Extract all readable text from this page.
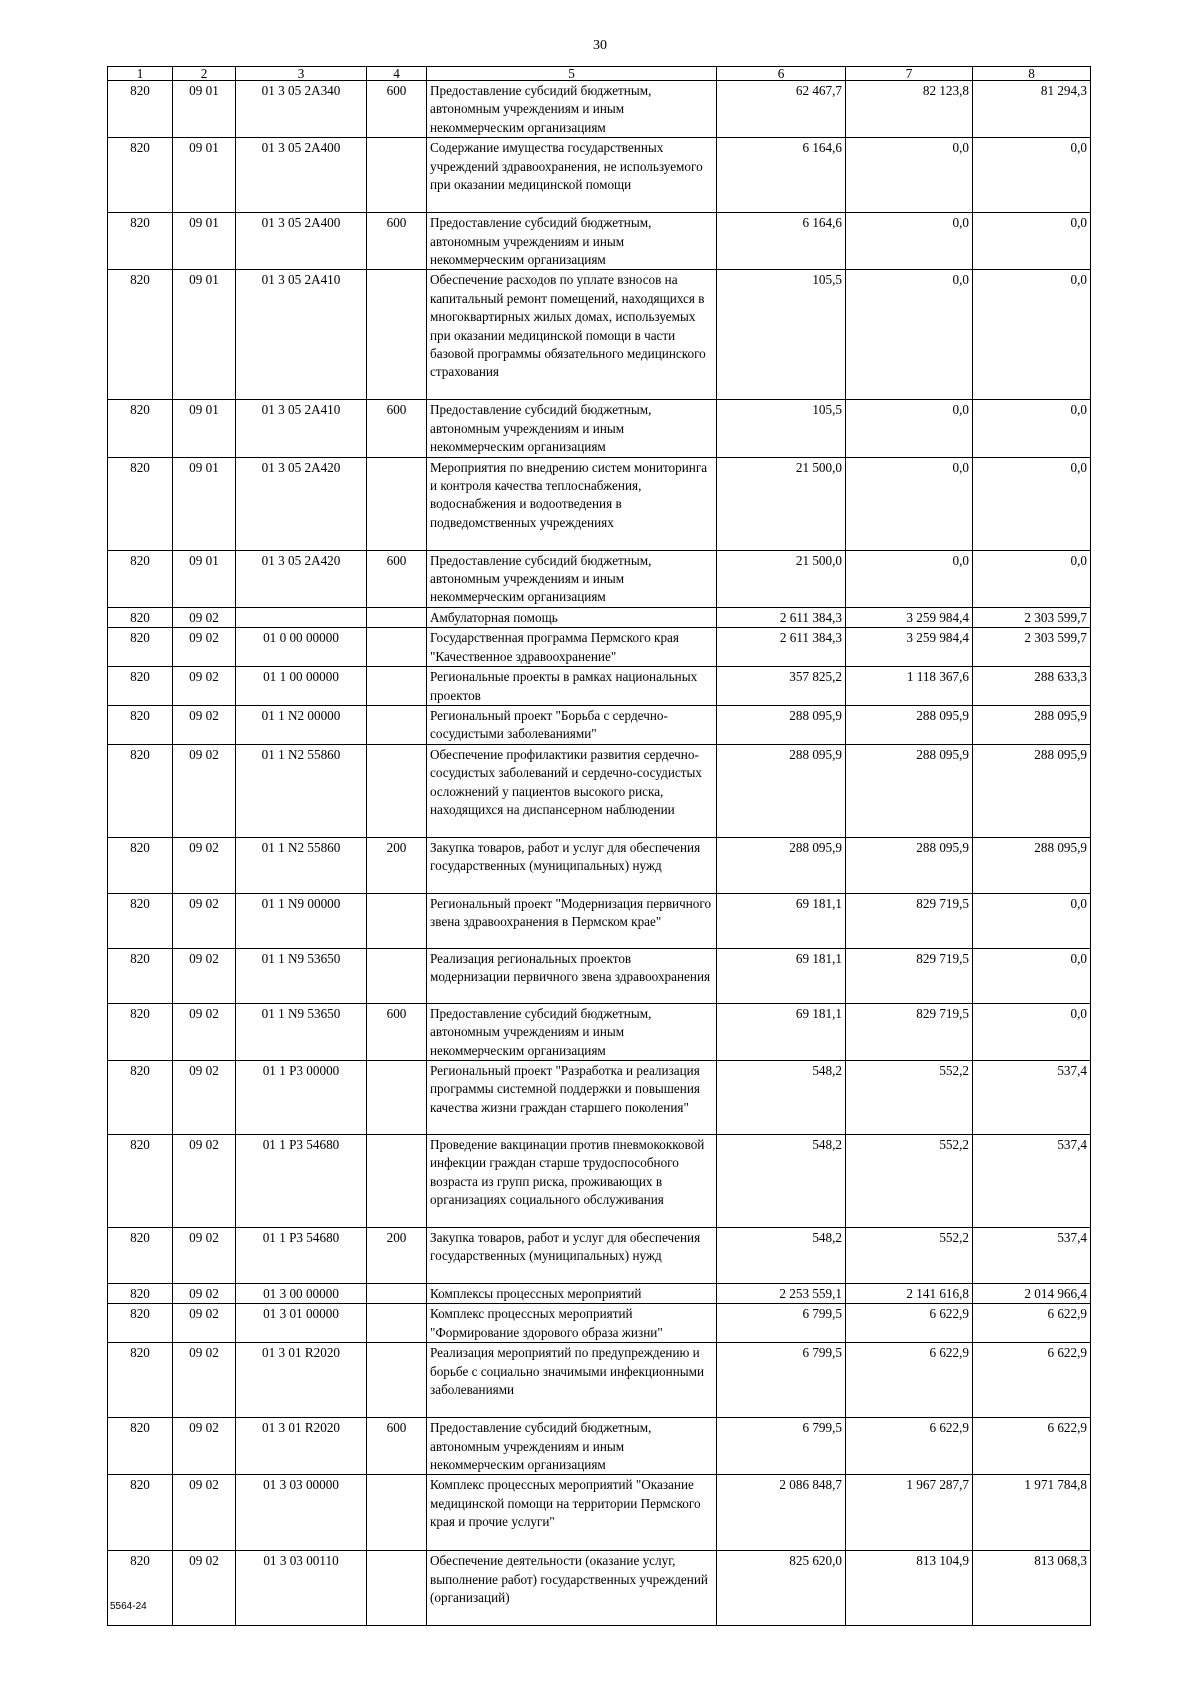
30
1	2	3	4	5	6	7	8
820	09 01	01 3 05 2А340	600	Предоставление субсидий бюджетным, автономным учреждениям и иным некоммерческим организациям	62 467,7	82 123,8	81 294,3
820	09 01	01 3 05 2А400		Содержание имущества государственных учреждений здравоохранения, не используемого при оказании медицинской помощи	6 164,6	0,0	0,0
820	09 01	01 3 05 2А400	600	Предоставление субсидий бюджетным, автономным учреждениям и иным некоммерческим организациям	6 164,6	0,0	0,0
820	09 01	01 3 05 2А410		Обеспечение расходов по уплате взносов на капитальный ремонт помещений, находящихся в многоквартирных жилых домах, используемых при оказании медицинской помощи в части базовой программы обязательного медицинского страхования	105,5	0,0	0,0
820	09 01	01 3 05 2А410	600	Предоставление субсидий бюджетным, автономным учреждениям и иным некоммерческим организациям	105,5	0,0	0,0
820	09 01	01 3 05 2А420		Мероприятия по внедрению систем мониторинга и контроля качества теплоснабжения, водоснабжения и водоотведения в подведомственных учреждениях	21 500,0	0,0	0,0
820	09 01	01 3 05 2А420	600	Предоставление субсидий бюджетным, автономным учреждениям и иным некоммерческим организациям	21 500,0	0,0	0,0
820	09 02			Амбулаторная помощь	2 611 384,3	3 259 984,4	2 303 599,7
820	09 02	01 0 00 00000		Государственная программа Пермского края "Качественное здравоохранение"	2 611 384,3	3 259 984,4	2 303 599,7
820	09 02	01 1 00 00000		Региональные проекты в рамках национальных проектов	357 825,2	1 118 367,6	288 633,3
820	09 02	01 1 N2 00000		Региональный проект "Борьба с сердечно-сосудистыми заболеваниями"	288 095,9	288 095,9	288 095,9
820	09 02	01 1 N2 55860		Обеспечение профилактики развития сердечно-сосудистых заболеваний и сердечно-сосудистых осложнений у пациентов высокого риска, находящихся на диспансерном наблюдении	288 095,9	288 095,9	288 095,9
820	09 02	01 1 N2 55860	200	Закупка товаров, работ и услуг для обеспечения государственных (муниципальных) нужд	288 095,9	288 095,9	288 095,9
820	09 02	01 1 N9 00000		Региональный проект "Модернизация первичного звена здравоохранения в Пермском крае"	69 181,1	829 719,5	0,0
820	09 02	01 1 N9 53650		Реализация региональных проектов модернизации первичного звена здравоохранения	69 181,1	829 719,5	0,0
820	09 02	01 1 N9 53650	600	Предоставление субсидий бюджетным, автономным учреждениям и иным некоммерческим организациям	69 181,1	829 719,5	0,0
820	09 02	01 1 P3 00000		Региональный проект "Разработка и реализация программы системной поддержки и повышения качества жизни граждан старшего поколения"	548,2	552,2	537,4
820	09 02	01 1 P3 54680		Проведение вакцинации против пневмококковой инфекции граждан старше трудоспособного возраста из групп риска, проживающих в организациях социального обслуживания	548,2	552,2	537,4
820	09 02	01 1 P3 54680	200	Закупка товаров, работ и услуг для обеспечения государственных (муниципальных) нужд	548,2	552,2	537,4
820	09 02	01 3 00 00000		Комплексы процессных мероприятий	2 253 559,1	2 141 616,8	2 014 966,4
820	09 02	01 3 01 00000		Комплекс процессных мероприятий "Формирование здорового образа жизни"	6 799,5	6 622,9	6 622,9
820	09 02	01 3 01 R2020		Реализация мероприятий по предупреждению и борьбе с социально значимыми инфекционными заболеваниями	6 799,5	6 622,9	6 622,9
820	09 02	01 3 01 R2020	600	Предоставление субсидий бюджетным, автономным учреждениям и иным некоммерческим организациям	6 799,5	6 622,9	6 622,9
820	09 02	01 3 03 00000		Комплекс процессных мероприятий "Оказание медицинской помощи на территории Пермского края и прочие услуги"	2 086 848,7	1 967 287,7	1 971 784,8
820	09 02	01 3 03 00110		Обеспечение деятельности (оказание услуг, выполнение работ) государственных учреждений (организаций)	825 620,0	813 104,9	813 068,3
5564-24
